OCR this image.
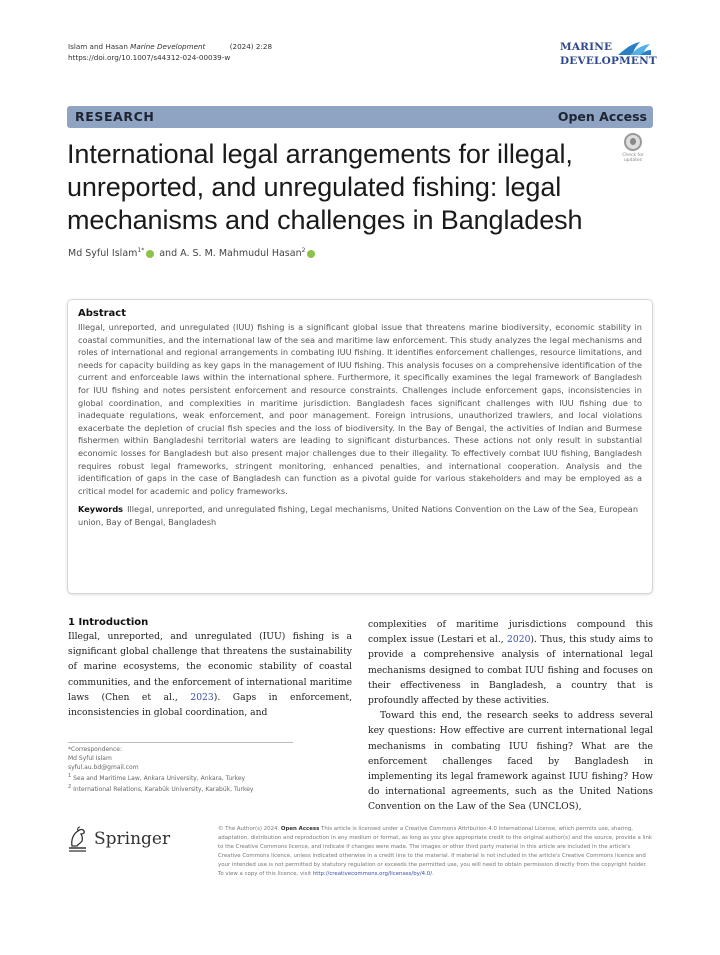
Islam and Hasan Marine Development	(2024) 2:28
https://doi.org/10.1007/s44312-024-00039-w
MARINE
DEVELOPMENT
RESEARCH	Open Access
Check for
updates
International legal arrangements for illegal, unreported, and unregulated fishing: legal mechanisms and challenges in Bangladesh
Md Syful Islam$^{1*}$ and A. S. M. Mahmudul Hasan$^2$
Abstract

Illegal, unreported, and unregulated (IUU) fishing is a significant global issue that threatens marine biodiversity, economic stability in coastal communities, and the international law of the sea and maritime law enforcement. This study analyzes the legal mechanisms and roles of international and regional arrangements in combating IUU fishing. It identifies enforcement challenges, resource limitations, and needs for capacity building as key gaps in the management of IUU fishing. This analysis focuses on a comprehensive identification of the current and enforceable laws within the international sphere. Furthermore, it specifically examines the legal framework of Bangladesh for IUU fishing and notes persistent enforcement and resource constraints. Challenges include enforcement gaps, inconsistencies in global coordination, and complexities in maritime jurisdiction. Bangladesh faces significant challenges with IUU fishing due to inadequate regulations, weak enforcement, and poor management. Foreign intrusions, unauthorized trawlers, and local violations exacerbate the depletion of crucial fish species and the loss of biodiversity. In the Bay of Bengal, the activities of Indian and Burmese fishermen within Bangladeshi territorial waters are leading to significant disturbances. These actions not only result in substantial economic losses for Bangladesh but also present major challenges due to their illegality. To effectively combat IUU fishing, Bangladesh requires robust legal frameworks, stringent monitoring, enhanced penalties, and international cooperation. Analysis and the identification of gaps in the case of Bangladesh can function as a pivotal guide for various stakeholders and may be employed as a critical model for academic and policy frameworks.

Keywords Illegal, unreported, and unregulated fishing, Legal mechanisms, United Nations Convention on the Law of the Sea, European union, Bay of Bengal, Bangladesh

1 Introduction

Illegal, unreported, and unregulated (IUU) fishing is a significant global challenge that threatens the sustainability of marine ecosystems, the economic stability of coastal communities, and the enforcement of international maritime laws (Chen et al., 2023). Gaps in enforcement, inconsistencies in global coordination, and

complexities of maritime jurisdictions compound this complex issue (Lestari et al., 2020). Thus, this study aims to provide a comprehensive analysis of international legal mechanisms designed to combat IUU fishing and focuses on their effectiveness in Bangladesh, a country that is profoundly affected by these activities.

Toward this end, the research seeks to address several key questions: How effective are current international legal mechanisms in combating IUU fishing? What are the enforcement challenges faced by Bangladesh in implementing its legal framework against IUU fishing? How do international agreements, such as the United Nations Convention on the Law of the Sea (UNCLOS),

*Correspondence:
Md Syful Islam
syful.au.bd@gmail.com
$^1$ Sea and Maritime Law, Ankara University, Ankara, Turkey
$^2$ International Relations, Karabük University, Karabük, Turkey
Springer	© The Author(s) 2024. Open Access This article is licensed under a Creative Commons Attribution 4.0 International License, which permits use, sharing, adaptation, distribution and reproduction in any medium or format, as long as you give appropriate credit to the original author(s) and the source, provide a link to the Creative Commons licence, and indicate if changes were made. The images or other third party material in this article are included in the article's Creative Commons licence, unless indicated otherwise in a credit line to the material. If material is not included in the article's Creative Commons licence and your intended use is not permitted by statutory regulation or exceeds the permitted use, you will need to obtain permission directly from the copyright holder. To view a copy of this licence, visit http://creativecommons.org/licenses/by/4.0/.
